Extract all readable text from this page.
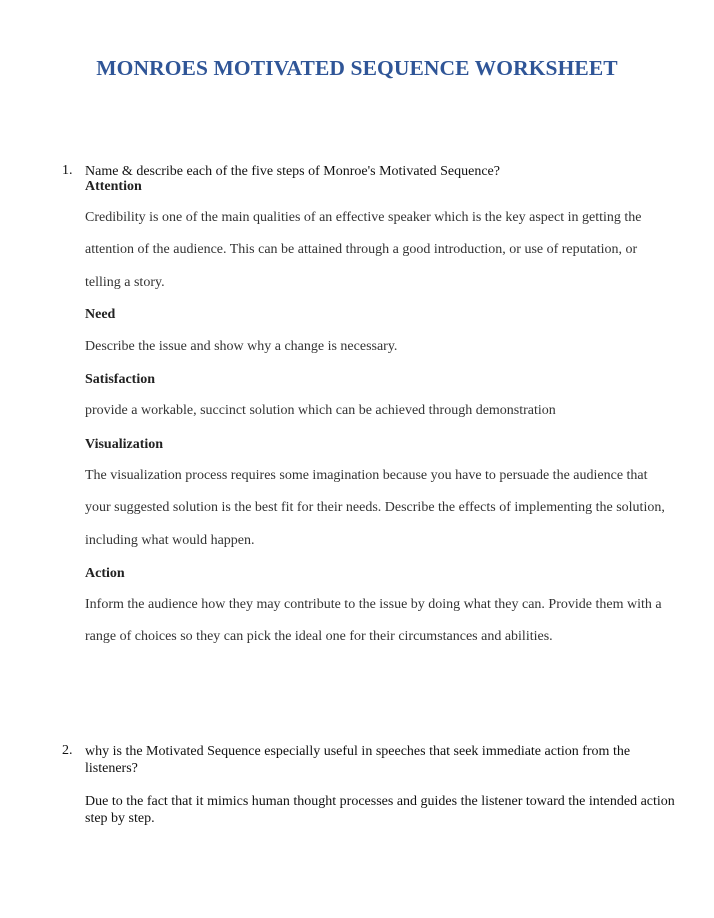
MONROES MOTIVATED SEQUENCE WORKSHEET
1. Name & describe each of the five steps of Monroe's Motivated Sequence?
Attention
Credibility is one of the main qualities of an effective speaker which is the key aspect in getting the attention of the audience. This can be attained through a good introduction, or use of reputation, or telling a story.
Need
Describe the issue and show why a change is necessary.
Satisfaction
provide a workable, succinct solution which can be achieved through demonstration
Visualization
The visualization process requires some imagination because you have to persuade the audience that your suggested solution is the best fit for their needs. Describe the effects of implementing the solution, including what would happen.
Action
Inform the audience how they may contribute to the issue by doing what they can. Provide them with a range of choices so they can pick the ideal one for their circumstances and abilities.
2. why is the Motivated Sequence especially useful in speeches that seek immediate action from the listeners?
Due to the fact that it mimics human thought processes and guides the listener toward the intended action step by step.
